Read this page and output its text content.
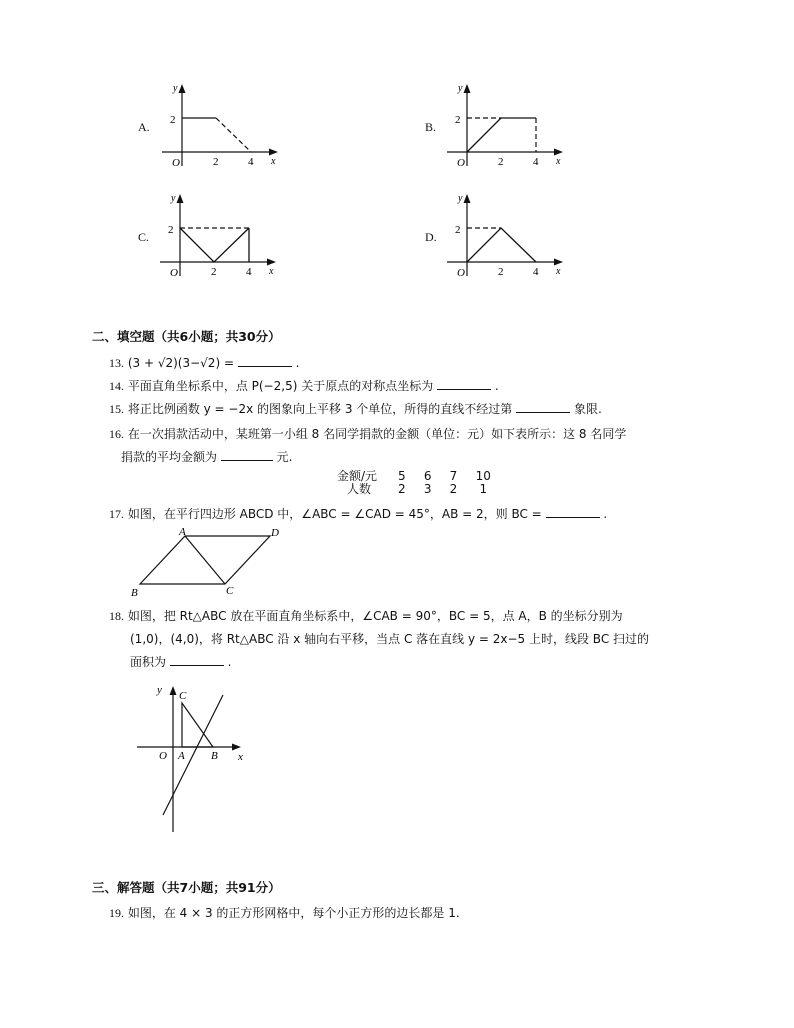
A.
O
2
2	4 x
y
B.
O
2
2	4 x
y
C.
O
2
2	4 x
y
D.
O
2
2	4 x
y
二、填空题（共6小题；共30分）
13. (3 + √2)(3−√2) =	.
14. 平面直角坐标系中，点 P(−2,5) 关于原点的对称点坐标为	.
15. 将正比例函数 y = −2x 的图象向上平移 3 个单位，所得的直线不经过第	象限.
16. 在一次捐款活动中，某班第一小组 8 名同学捐款的金额（单位：元）如下表所示：这 8 名同学
捐款的平均金额为	元.
金额/元 5 6 7 10
人数 2 3 2 1
17. 如图，在平行四边形 ABCD 中，∠ABC = ∠CAD = 45°，AB = 2，则 BC =	.
A	D
B	C
18. 如图，把 Rt△ABC 放在平面直角坐标系中，∠CAB = 90°，BC = 5，点 A，B 的坐标分别为
(1,0)，(4,0)，将 Rt△ABC 沿 x 轴向右平移，当点 C 落在直线 y = 2x−5 上时，线段 BC 扫过的
面积为	.
y
x
O A B
C
三、解答题（共7小题；共91分）
19. 如图，在 4 × 3 的正方形网格中，每个小正方形的边长都是 1.
